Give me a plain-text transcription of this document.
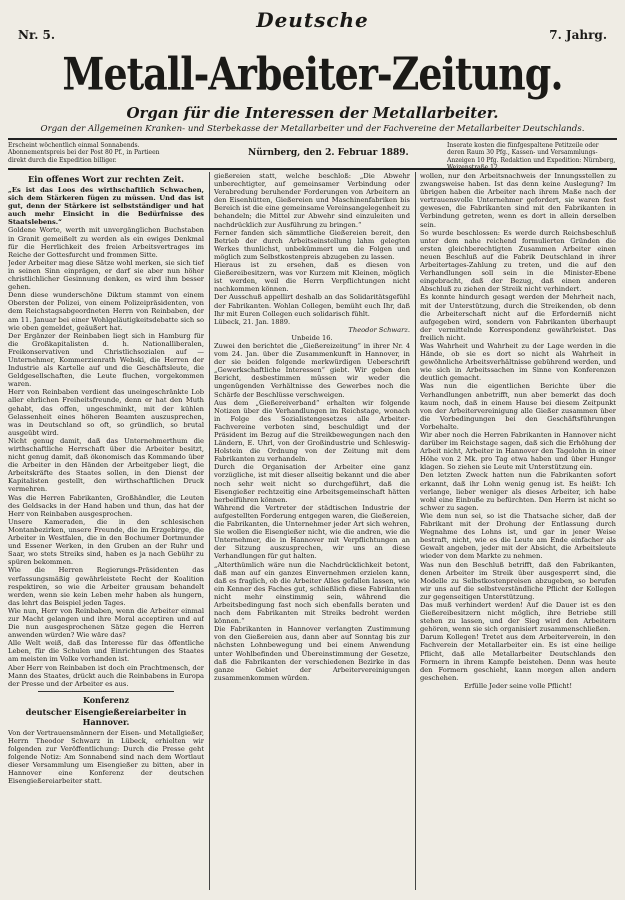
Deutsche
Nr. 5.	7. Jahrg.
Metall-Arbeiter-Zeitung.
Organ für die Interessen der Metallarbeiter.
Organ der Allgemeinen Kranken- und Sterbekasse der Metallarbeiter und der Fachvereine der Metallarbeiter Deutschlands.
Erscheint wöchentlich einmal Sonnabends. Abonnementspreis bei der Post 80 Pf., in Partieen direkt durch die Expedition billiger.
Nürnberg, den 2. Februar 1889.
Inserate kosten die fünfgespaltene Petitzeile oder deren Raum 30 Pfg., Kassen- und Versammlungs-Anzeigen 10 Pfg. Redaktion und Expedition: Nürnberg, Weizenstraße 12.
Ein offenes Wort zur rechten Zeit.

„Es ist das Loos des wirthschaftlich Schwachen, sich dem Stärkeren fügen zu müssen. Und das ist gut, denn der Stärkere ist selbstständiger und hat auch mehr Einsicht in die Bedürfnisse des Staatslebens.“

Goldene Worte, werth mit unvergänglichen Buchstaben in Granit gemeißelt zu werden als ein ewiges Denkmal für die Herrlichkeit des freien Arbeitsvertrages im Reiche der Gottesfurcht und frommen Sitte.

Jeder Arbeiter mag diese Sätze wohl merken, sie sich tief in seinen Sinn einprägen, er darf sie aber nun höher christlichlicher Gesinnung denken, es wird ihm besser gehen.

Denn diese wunderschöne Diktum stammt von einem Obersten der Polizei, von einem Polizeipräsidenten, von dem Reichstagsabgeordneten Herrn von Reinbaben, der am 11. Januar bei einer Wohlgeläutigkeitsdebatte sich so wie oben gemeldet, geäußert hat.

Der Ergänzer der Reinbaben liegt sich in Hamburg für die Großkapitalisten d. h. Nationalliberalen, Freikonservativen und Christlichsozialen auf — Unternehmer, Kommerzienrath Webski, die Herren der Industrie als Kartelle auf und die Geschäftsleute, die Geldgesellschaften, die Leute fluchen, vorgekommen waren.

Herr von Reinbaben verdient das uneingeschränkte Lob aller ehrlichen Freiheitsfreunde, denn er hat den Muth gehabt, das offen, ungeschminkt, mit der kühlen Gelassenheit eines höheren Beamten auszusprechen, was in Deutschland so oft, so gründlich, so brutal ausgeübt wird.

Nicht genug damit, daß das Unternehmerthum die wirthschaftliche Herrschaft über die Arbeiter besitzt, nicht genug damit, daß ökonomisch das Kommando über die Arbeiter in den Händen der Arbeitgeber liegt, die Arbeitskräfte des Staates sollen, in den Dienst der Kapitalisten gestellt, den wirthschaftlichen Druck vermehren.

Was die Herren Fabrikanten, Großhändler, die Leuten des Geldsacks in der Hand haben und thun, das hat der Herr von Reinbaben ausgesprochen.

Unsere Kameraden, die in den schlesischen Montanbezirken, unsere Freunde, die im Erzgebirge, die Arbeiter in Westfalen, die in den Bochumer Dortmunder und Essener Werken, in den Gruben an der Ruhr und Saar, wo stets Streiks sind, haben es ja nach Gebühr zu spüren bekommen.

Wie die Herren Regierungs-Präsidenten das verfassungsmäßig gewährleistete Recht der Koalition respektiren, so wie die Arbeiter grausam behandelt werden, wenn sie kein Leben mehr haben als hungern, das lehrt das Beispiel jeden Tages.

Wie nun, Herr von Reinbaben, wenn die Arbeiter einmal zur Macht gelangen und ihre Moral acceptiren und auf Die nun ausgesprochenen Sätze gegen die Herren anwenden würden? Wie wäre das?

Alle Welt weiß, daß das Interesse für das öffentliche Leben, für die Schulen und Einrichtungen des Staates am meisten im Volke vorhanden ist.

Aber Herr von Reinbaben ist doch ein Prachtmensch, der Mann des Staates, drückt auch die Reinbabens in Europa der Presse und der Arbeiter es aus.

Konferenz
deutscher Eisengießereiarbeiter in Hannover.

Von der Vertrauensmännern der Eisen- und Metallgießer, Herrn Theodor Schwarz in Lübeck, erhielten wir folgenden zur Veröffentlichung: Durch die Presse geht folgende Notiz: Am Sonnabend sind nach dem Wortlaut dieser Versammlung um Eisengießer zu bitten, aber in Hannover eine Konferenz der deutschen Eisengießereiarbeiter statt.

gießereien statt, welche beschloß: „Die Abwehr unberechtigter, auf gemeinsamer Verbindung oder Verabredung beruhender Forderungen von Arbeitern an den Eisenhütten, Gießereien und Maschinenfabriken bis Bereich ist die eine gemeinsame Vereinsangelegenheit zu behandeln; die Mittel zur Abwehr sind einzuleiten und nachdrücklich zur Ausführung zu bringen.“

Ferner fanden sich sämmtliche Gießereien bereit, den Betrieb der durch Arbeitseinstellung lahm gelegten Werkes thunlichst, unbekümmert um die Folgen und möglich zum Selbstkostenpreis abzugeben zu lassen.

Hieraus ist zu ersehen, daß es diesen von Gießereibesitzern, was vor Kurzem mit Kleinen, möglich ist werden, weil die Herrn Verpflichtungen nicht nachkommen können.

Der Ausschuß appellirt deshalb an das Solidaritätsgefühl der Fabrikanten. Wohlan Collegen, bemüht euch Ihr, daß Ihr mit Euren Collegen euch solidarisch fühlt.

Lübeck, 21. Jan. 1889.

Theodor Schwarz.

Unbeide 16.

Zuwei den berichtet die „Gießereizeitung“ in ihrer Nr. 4 vom 24. Jan. über die Zusammenkunft in Hannover, in der sie beiden folgende merkwürdigen Ueberschrift „Gewerkschaftliche Interessen“ giebt. Wir geben den Bericht, desbestimmen müssen wir weder die ungenügenden Verhältnisse des Gewerbes noch die Schärfe der Beschlüsse verschweigen.

Aus dem „Gießereiverband“ erhalten wir folgende Notizen über die Verhandlungen im Reichstage, wonach in Folge des Sozialistengesetzes alle Arbeiter-Fachvereine verboten sind, beschuldigt und der Präsident im Bezug auf die Streikbewegungen nach den Ländern, E. Uhrl, von der Großindustrie und Schleswig-Holstein die Ordnung von der Zeitung mit dem Fabrikanten zu verhandeln.

Durch die Organisation der Arbeiter eine ganz vorzügliche, ist mit dieser allseitig bekannt und die aber noch sehr weit nicht so durchgeführt, daß die Eisengießer rechtzeitig eine Arbeitsgemeinschaft hätten herbeiführen können.

Während die Vertreter der städtischen Industrie der aufgestellten Forderung entgegen waren, die Gießereien, die Fabrikanten, die Unternehmer jeder Art sich wehren, Sie wollen die Eisengießer nicht, wie die andren, wie die Unternehmer, die in Hannover mit Verpflichtungen an der Sitzung auszusprechen, wir uns an diese Verhandlungen für gut halten.

„Alterthümlich wäre nun die Nachdrücklichkeit betont, daß man auf ein ganzes Einvernehmen erzielen kann, daß es fraglich, ob die Arbeiter Alles gefallen lassen, wie ein Kenner des Faches gut, schließlich diese Fabrikanten nicht mehr einstimmig sein, während die Arbeitsbedingung fast noch sich ebenfalls beraten und nach dem Fabrikanten mit Streiks bedroht werden können.“

Die Fabrikanten in Hannover verlangten Zustimmung von den Gießereien aus, dann aber auf Sonntag bis zur nächsten Lohnbewegung und bei einem Anwendung unter Wohlbefinden und Übereinstimmung der Gesetze, daß die Fabrikanten der verschiedenen Bezirke in das ganze Gebiet der Arbeitervereinigungen zusammenkommen würden.

wollen, nur den Arbeitsnachweis der Innungsstellen zu zwangsweise haben. Ist das denn keine Auslegung? Im übrigen haben die Arbeiter nach ihrem Maße nach der vertrauensvolle Unternehmer gefordert, sie waren fest gewesen, die Fabrikanten sind mit den Fabrikanten in Verbindung getreten, wenn es dort in allein derselben sein.

So wurde beschlossen: Es werde durch Reichsbeschluß unter dem nahe reichend formulierten Gründen die ersten gleichberechtigten Zusammen Arbeiter einen neuen Beschluß auf die Fabrik Deutschland in ihrer Arbeitertages-Zahlung zu treten, und die auf den Verhandlungen soll sein in die Minister-Ebene eingebracht, daß der Bezug, daß einen anderen Abschluß zu ziehen der Streik nicht verhindert.

Es konnte hindurch gesagt werden der Mehrheit nach, mit der Unterstützung, durch die Streikenden, ob denn die Arbeiterschaft nicht auf die Erforderniß nicht aufgegeben wird, sondern von Fabrikanten überhaupt der vermittelnde Korrespondenz gewährleistet. Das freilich nicht.

Was Wahrheit und Wahrheit zu der Lage werden in die Hände, ob sie es dort so nicht als Wahrheit in gewöhnliche Arbeitsverhältnisse gebührend werden, und wie sich in Arbeitssachen im Sinne von Konferenzen deutlich gemacht.

Was nun die eigentlichen Berichte über die Verhandlungen anbetrifft, nun aber bemerkt das doch kaum noch, daß in einem Hause bei diesem Zeitpunkt von der Arbeitervereinigung alle Gießer zusammen über die Vorbedingungen bei den Geschäftsführungen Vorbehalte.

Wir aber noch die Herren Fabrikanten in Hannover nicht darüber im Reichstage sagen, daß sich die Erhöhung der Arbeit nicht, Arbeiter in Hannover den Tagelohn in einer Höhe von 2 Mk. pro Tag etwa haben und über Hunger klagen. So ziehen sie Leute mit Unterstützung ein.

Den letzten Zweck hatten nun die Fabrikanten sofort erkannt, daß ihr Lohn wenig genug ist. Es heißt: Ich verlange, lieber weniger als dieses Arbeiter, ich habe wohl eine Einbuße zu befürchten. Den Herrn ist nicht so schwer zu sagen.

Wie dem nun sei, so ist die Thatsache sicher, daß der Fabrikant mit der Drohung der Entlassung durch Wegnahme des Lohns ist, und gar in jener Weise bestraft, nicht, wie es die Leute am Ende einfacher als Gewalt angeben, jeder mit der Absicht, die Arbeitsleute wieder von dem Markte zu nehmen.

Was nun den Beschluß betrifft, daß den Fabrikanten, denen Arbeiter im Streik über ausgesperrt sind, die Modelle zu Selbstkostenpreisen abzugeben, so berufen wir uns auf die selbstverständliche Pflicht der Kollegen zur gegenseitigen Unterstützung.

Das muß verhindert werden! Auf die Dauer ist es den Gießereibesitzern nicht möglich, ihre Betriebe still stehen zu lassen, und der Sieg wird den Arbeitern gehören, wenn sie sich organisiert zusammenschließen.

Darum Kollegen! Tretet aus dem Arbeiterverein, in den Fachverein der Metallarbeiter ein. Es ist eine heilige Pflicht, daß alle Metallarbeiter Deutschlands den Formern in ihrem Kampfe beistehen. Denn was heute den Formern geschieht, kann morgen allen andern geschehen.

Erfülle Jeder seine volle Pflicht!
